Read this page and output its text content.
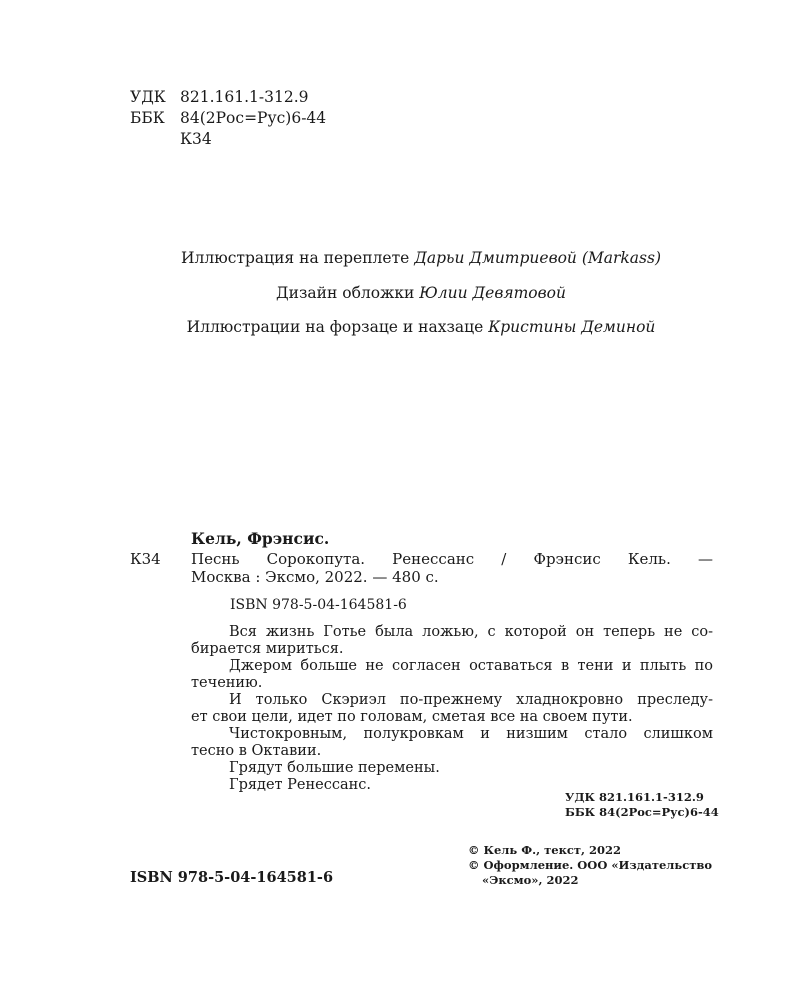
УДК 821.161.1-312.9
ББК 84(2Рос=Рус)6-44
К34
Иллюстрация на переплете Дарьи Дмитриевой (Markass)
Дизайн обложки Юлии Девятовой
Иллюстрации на форзаце и нахзаце Кристины Деминой
Кель, Фрэнсис.
К34 Песнь Сорокопута. Ренессанс / Фрэнсис Кель. —
Москва : Эксмо, 2022. — 480 с.
ISBN 978-5-04-164581-6
Вся жизнь Готье была ложью, с которой он теперь не со-
бирается мириться.
Джером больше не согласен оставаться в тени и плыть по
течению.
И только Скэриэл по-прежнему хладнокровно преследу-
ет свои цели, идет по головам, сметая все на своем пути.
Чистокровным, полукровкам и низшим стало слишком
тесно в Октавии.
Грядут большие перемены.
Грядет Ренессанс.
УДК 821.161.1-312.9
ББК 84(2Рос=Рус)6-44
© Кель Ф., текст, 2022
© Оформление. ООО «Издательство
«Эксмо», 2022
ISBN 978-5-04-164581-6
